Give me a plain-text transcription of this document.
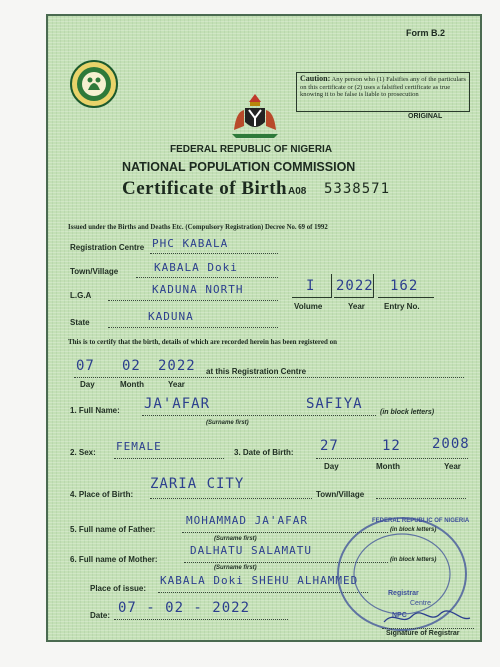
Form B.2
Caution: Any person who (1) Falsifies any of the particulars on this certificate or (2) uses a falsified certificate as true knowing it to be false is liable to prosecution
ORIGINAL
FEDERAL REPUBLIC OF NIGERIA
NATIONAL POPULATION COMMISSION
Certificate of Birth A08 5338571
Issued under the Births and Deaths Etc. (Compulsory Registration) Decree No. 69 of 1992
Registration Centre PHC KABALA
Town/Village	KABALA Doki
L.G.A	KADUNA NORTH
State	KADUNA
I 2022 162
Volume	Year Entry No.
This is to certify that the birth, details of which are recorded herein has been registered on
07 02 2022 at this Registration Centre
Day	Month	Year
1. Full Name: JA'AFAR	SAFIYA
(in block letters)
(Surname first)
2. Sex: FEMALE	3. Date of Birth: 27	12 2008
Day	Month	Year
4. Place of Birth:
ZARIA CITY
Town/Village
5. Full name of Father:
MOHAMMAD JA'AFAR
(in block letters)
(Surname first)
6. Full name of Mother:
DALHATU SALAMATU
(in block letters)
(Surname first)
Place of issue:
KABALA Doki SHEHU ALHAMMED
Date: 07 - 02 - 2022
FEDERAL REPUBLIC OF NIGERIA
Registrar
Centre
NPC
Signature of Registrar
